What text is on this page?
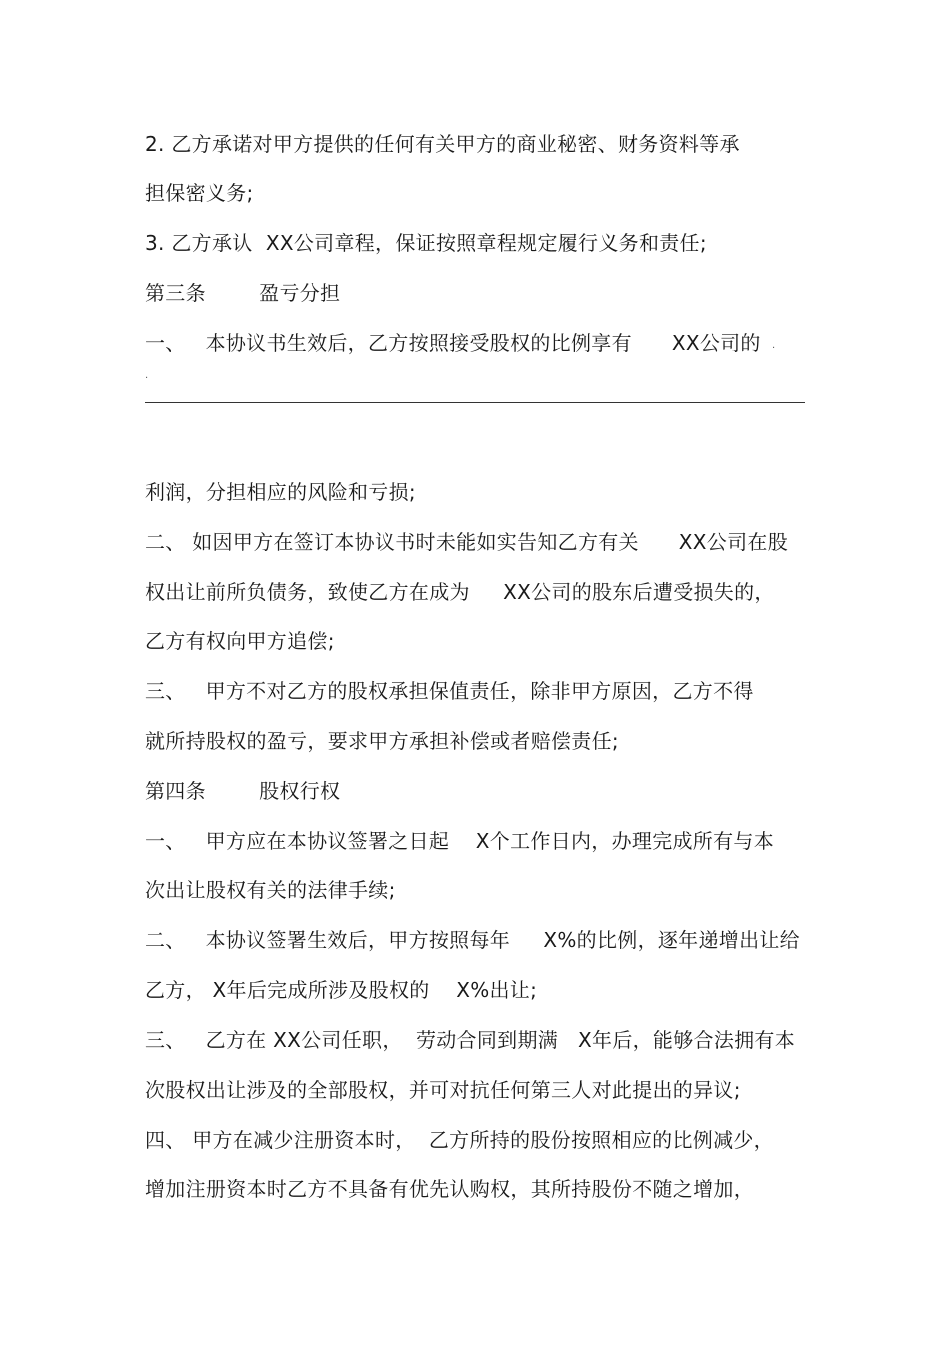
2. 乙方承诺对甲方提供的任何有关甲方的商业秘密、财务资料等承
担保密义务;
3. 乙方承认  XX公司章程，保证按照章程规定履行义务和责任;
第三条        盈亏分担
一、   本协议书生效后，乙方按照接受股权的比例享有      XX公司的 .
.
利润，分担相应的风险和亏损;
二、 如因甲方在签订本协议书时未能如实告知乙方有关      XX公司在股
权出让前所负债务，致使乙方在成为     XX公司的股东后遭受损失的，
乙方有权向甲方追偿;
三、   甲方不对乙方的股权承担保值责任，除非甲方原因，乙方不得
就所持股权的盈亏，要求甲方承担补偿或者赔偿责任;
第四条        股权行权
一、   甲方应在本协议签署之日起    X个工作日内，办理完成所有与本
次出让股权有关的法律手续;
二、   本协议签署生效后，甲方按照每年     X%的比例，逐年递增出让给
乙方， X年后完成所涉及股权的    X%出让;
三、   乙方在 XX公司任职，  劳动合同到期满   X年后，能够合法拥有本
次股权出让涉及的全部股权，并可对抗任何第三人对此提出的异议;
四、 甲方在减少注册资本时，  乙方所持的股份按照相应的比例减少，
增加注册资本时乙方不具备有优先认购权，其所持股份不随之增加，
